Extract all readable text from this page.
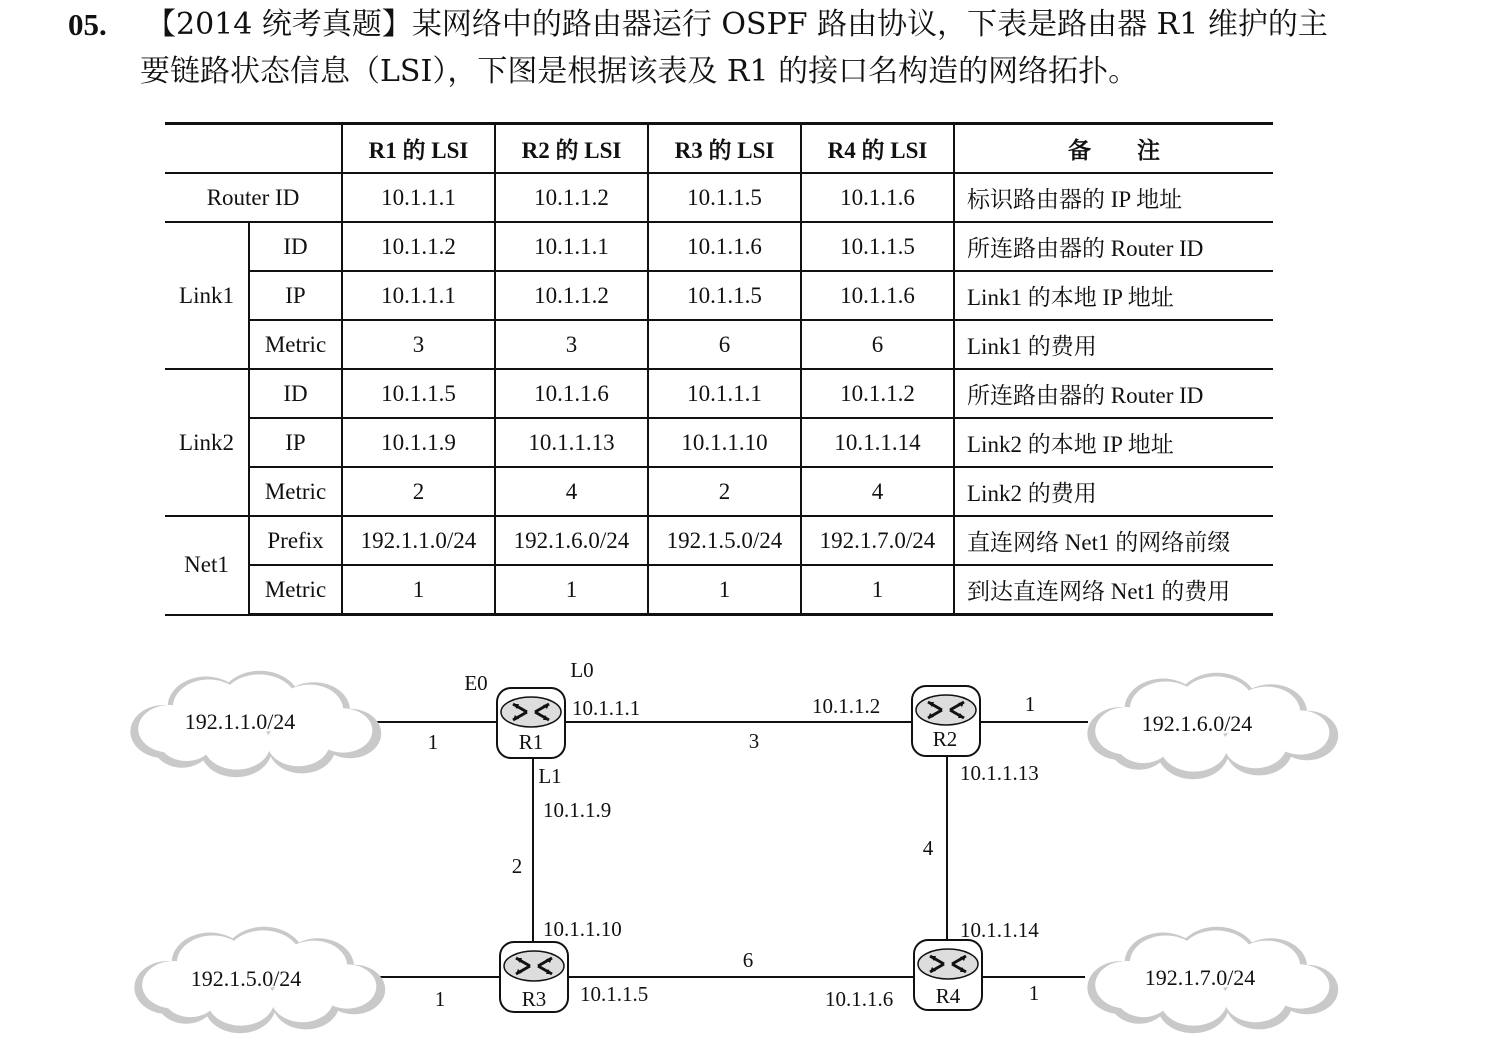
05. 【2014 统考真题】某网络中的路由器运行 OSPF 路由协议，下表是路由器 R1 维护的主
要链路状态信息（LSI），下图是根据该表及 R1 的接口名构造的网络拓扑。
		R1 的 LSI	R2 的 LSI	R3 的 LSI	R4 的 LSI	备　　注
Router ID		10.1.1.1	10.1.1.2	10.1.1.5	10.1.1.6	标识路由器的 IP 地址
Link1	ID	10.1.1.2	10.1.1.1	10.1.1.6	10.1.1.5	所连路由器的 Router ID
	IP	10.1.1.1	10.1.1.2	10.1.1.5	10.1.1.6	Link1 的本地 IP 地址
	Metric	3	3	6	6	Link1 的费用
Link2	ID	10.1.1.5	10.1.1.6	10.1.1.1	10.1.1.2	所连路由器的 Router ID
	IP	10.1.1.9	10.1.1.13	10.1.1.10	10.1.1.14	Link2 的本地 IP 地址
	Metric	2	4	2	4	Link2 的费用
Net1	Prefix	192.1.1.0/24	192.1.6.0/24	192.1.5.0/24	192.1.7.0/24	直连网络 Net1 的网络前缀
	Metric	1	1	1	1	到达直连网络 Net1 的费用
192.1.1.0/24	192.1.6.0/24
192.1.5.0/24	192.1.7.0/24
R1	R2
R3	R4
E0
L0
L1
10.1.1.1	10.1.1.2
10.1.1.9
10.1.1.10
10.1.1.13
10.1.1.14
10.1.1.5	10.1.1.6
1	3
1
2
4
6
1	1
